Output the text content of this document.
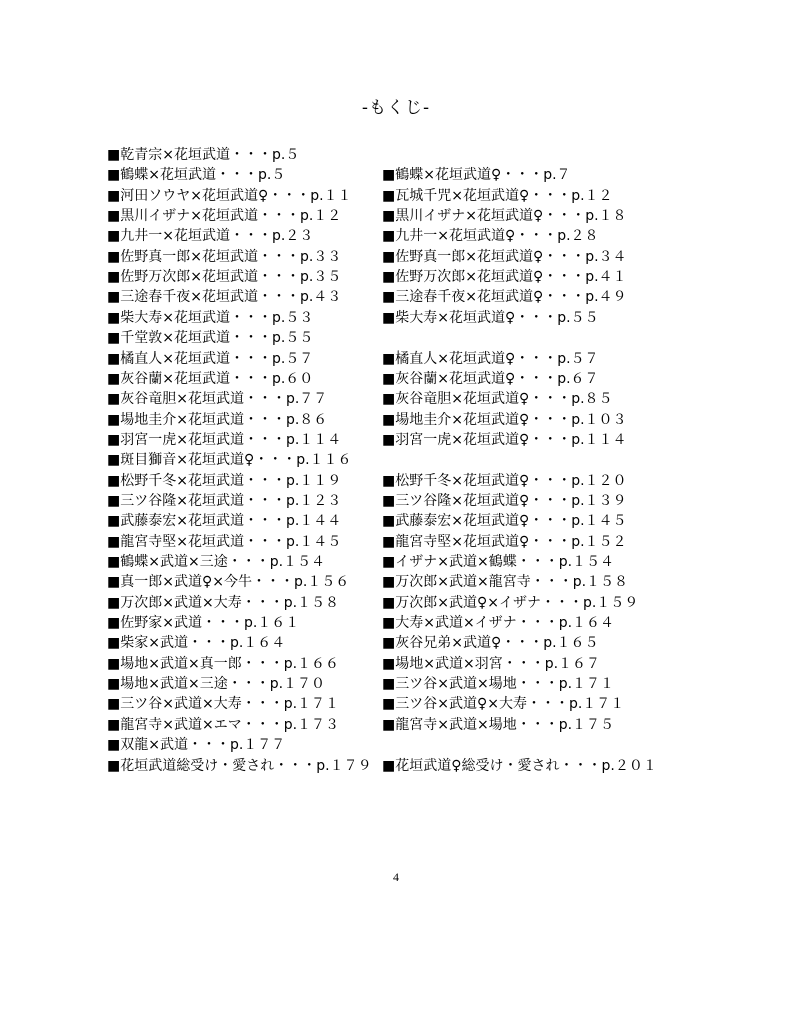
-もくじ-
■乾青宗×花垣武道・・・p.５
■鶴蝶×花垣武道・・・p.５	■鶴蝶×花垣武道♀・・・p.７
■河田ソウヤ×花垣武道♀・・・p.１１ ■瓦城千咒×花垣武道♀・・・p.１２
■黒川イザナ×花垣武道・・・p.１２	■黒川イザナ×花垣武道♀・・・p.１８
■九井一×花垣武道・・・p.２３	■九井一×花垣武道♀・・・p.２８
■佐野真一郎×花垣武道・・・p.３３	■佐野真一郎×花垣武道♀・・・p.３４
■佐野万次郎×花垣武道・・・p.３５	■佐野万次郎×花垣武道♀・・・p.４１
■三途春千夜×花垣武道・・・p.４３	■三途春千夜×花垣武道♀・・・p.４９
■柴大寿×花垣武道・・・p.５３	■柴大寿×花垣武道♀・・・p.５５
■千堂敦×花垣武道・・・p.５５
■橘直人×花垣武道・・・p.５７	■橘直人×花垣武道♀・・・p.５７
■灰谷蘭×花垣武道・・・p.６０	■灰谷蘭×花垣武道♀・・・p.６７
■灰谷竜胆×花垣武道・・・p.７７	■灰谷竜胆×花垣武道♀・・・p.８５
■場地圭介×花垣武道・・・p.８６	■場地圭介×花垣武道♀・・・p.１０３
■羽宮一虎×花垣武道・・・p.１１４	■羽宮一虎×花垣武道♀・・・p.１１４
■斑目獅音×花垣武道♀・・・p.１１６
■松野千冬×花垣武道・・・p.１１９	■松野千冬×花垣武道♀・・・p.１２０
■三ツ谷隆×花垣武道・・・p.１２３	■三ツ谷隆×花垣武道♀・・・p.１３９
■武藤泰宏×花垣武道・・・p.１４４	■武藤泰宏×花垣武道♀・・・p.１４５
■龍宮寺堅×花垣武道・・・p.１４５	■龍宮寺堅×花垣武道♀・・・p.１５２
■鶴蝶×武道×三途・・・p.１５４	■イザナ×武道×鶴蝶・・・p.１５４
■真一郎×武道♀×今牛・・・p.１５６ ■万次郎×武道×龍宮寺・・・p.１５８
■万次郎×武道×大寿・・・p.１５８	■万次郎×武道♀×イザナ・・・p.１５９
■佐野家×武道・・・p.１６１	■大寿×武道×イザナ・・・p.１６４
■柴家×武道・・・p.１６４	■灰谷兄弟×武道♀・・・p.１６５
■場地×武道×真一郎・・・p.１６６	■場地×武道×羽宮・・・p.１６７
■場地×武道×三途・・・p.１７０	■三ツ谷×武道×場地・・・p.１７１
■三ツ谷×武道×大寿・・・p.１７１	■三ツ谷×武道♀×大寿・・・p.１７１
■龍宮寺×武道×エマ・・・p.１７３	■龍宮寺×武道×場地・・・p.１７５
■双龍×武道・・・p.１７７
■花垣武道総受け・愛され・・・p.１７９ ■花垣武道♀総受け・愛され・・・p.２０１
4
